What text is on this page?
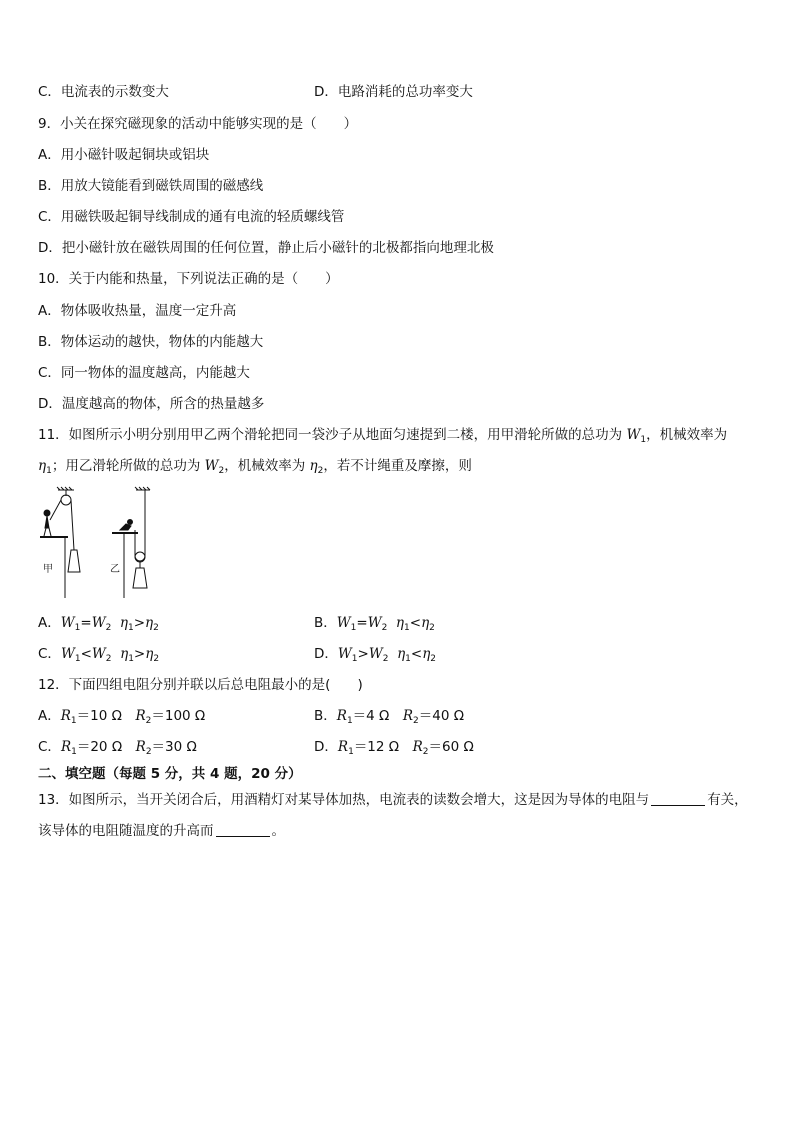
C．电流表的示数变大	D．电路消耗的总功率变大
9．小关在探究磁现象的活动中能够实现的是（　　）
A．用小磁针吸起铜块或铝块
B．用放大镜能看到磁铁周围的磁感线
C．用磁铁吸起铜导线制成的通有电流的轻质螺线管
D．把小磁针放在磁铁周围的任何位置，静止后小磁针的北极都指向地理北极
10．关于内能和热量，下列说法正确的是（　　）
A．物体吸收热量，温度一定升高
B．物体运动的越快，物体的内能越大
C．同一物体的温度越高，内能越大
D．温度越高的物体，所含的热量越多
11．如图所示小明分别用甲乙两个滑轮把同一袋沙子从地面匀速提到二楼，用甲滑轮所做的总功为 $W_1$，机械效率为
$\eta_1$；用乙滑轮所做的总功为 $W_2$，机械效率为 $\eta_2$，若不计绳重及摩擦，则
甲	乙
A．$W_1=W_2$ $\eta_1>\eta_2$	B．$W_1=W_2$ $\eta_1<\eta_2$
C．$W_1<W_2$ $\eta_1>\eta_2$	D．$W_1>W_2$ $\eta_1<\eta_2$
12．下面四组电阻分别并联以后总电阻最小的是(　　)
A．$R_1=10$ Ω　$R_2=100$ Ω	B．$R_1=4$ Ω　$R_2=40$ Ω
C．$R_1=20$ Ω　$R_2=30$ Ω	D．$R_1=12$ Ω　$R_2=60$ Ω
二、填空题（每题 5 分，共 4 题，20 分）
13．如图所示，当开关闭合后，用酒精灯对某导体加热，电流表的读数会增大，这是因为导体的电阻与	有关，
该导体的电阻随温度的升高而	。
